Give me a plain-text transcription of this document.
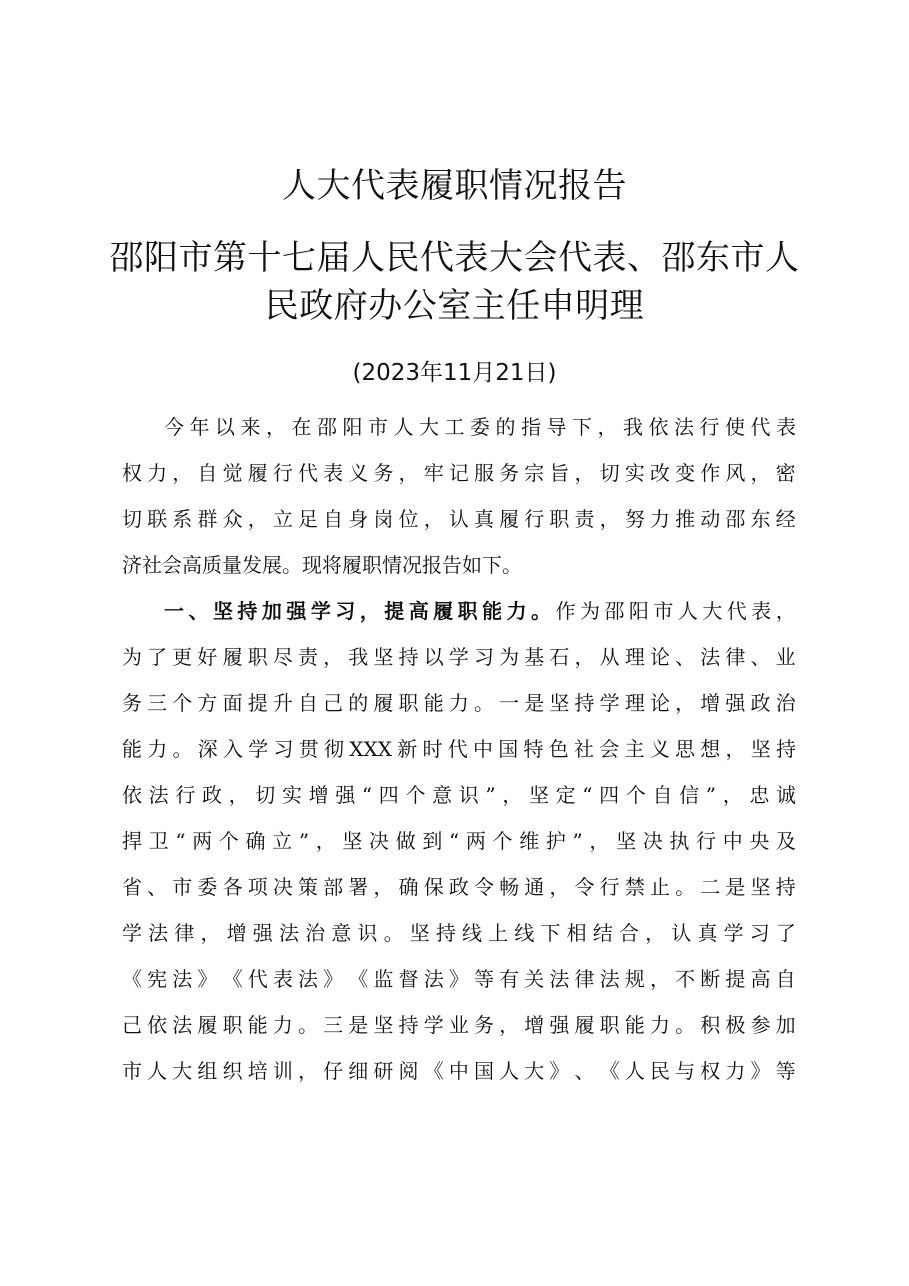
人大代表履职情况报告
邵阳市第十七届人民代表大会代表、邵东市人
民政府办公室主任申明理
(2023年11月21日)
今 年 以 来 ， 在 邵 阳 市 人 大 工 委 的 指 导 下 ， 我 依 法 行 使 代 表
权 力 ， 自 觉 履 行 代 表 义 务 ， 牢 记 服 务 宗 旨 ， 切 实 改 变 作 风 ， 密
切 联 系 群 众 ， 立 足 自 身 岗 位 ， 认 真 履 行 职 责 ， 努 力 推 动 邵 东 经
济 社 会 高 质 量 发 展 。 现 将 履 职 情 况 报 告 如 下 。
一 、 坚 持 加 强 学 习 ， 提 高 履 职 能 力 。 作 为 邵 阳 市 人 大 代 表 ，
为 了 更 好 履 职 尽 责 ， 我 坚 持 以 学 习 为 基 石 ， 从 理 论 、 法 律 、 业
务 三 个 方 面 提 升 自 己 的 履 职 能 力 。 一 是 坚 持 学 理 论 ， 增 强 政 治
能 力 。 深 入 学 习 贯 彻 XXX 新 时 代 中 国 特 色 社 会 主 义 思 想 ， 坚 持
依 法 行 政 ， 切 实 增 强 “ 四 个 意 识 ” ， 坚 定 “ 四 个 自 信 ” ， 忠 诚
捍 卫 “ 两 个 确 立 ” ， 坚 决 做 到 “ 两 个 维 护 ” ， 坚 决 执 行 中 央 及
省 、 市 委 各 项 决 策 部 署 ， 确 保 政 令 畅 通 ， 令 行 禁 止 。 二 是 坚 持
学 法 律 ， 增 强 法 治 意 识 。 坚 持 线 上 线 下 相 结 合 ， 认 真 学 习 了
《 宪 法 》 《 代 表 法 》 《 监 督 法 》 等 有 关 法 律 法 规 ， 不 断 提 高 自
己 依 法 履 职 能 力 。 三 是 坚 持 学 业 务 ， 增 强 履 职 能 力 。 积 极 参 加
市 人 大 组 织 培 训 ， 仔 细 研 阅 《 中 国 人 大 》 、 《 人 民 与 权 力 》 等
